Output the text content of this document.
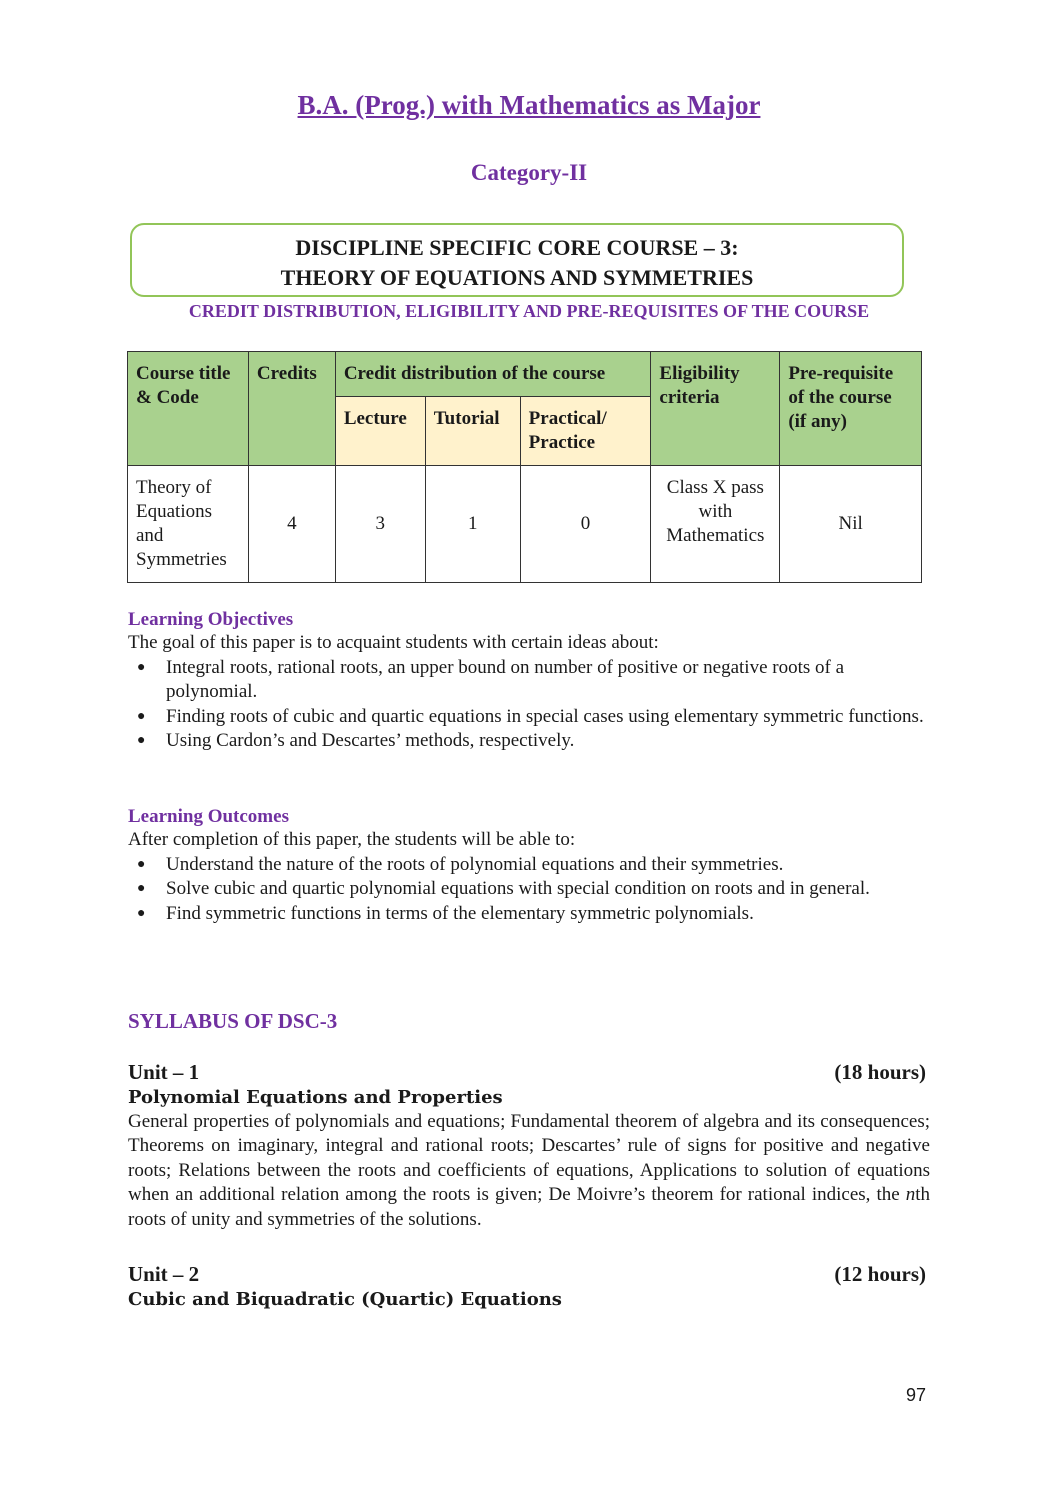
B.A. (Prog.) with Mathematics as Major
Category-II
DISCIPLINE SPECIFIC CORE COURSE – 3:
THEORY OF EQUATIONS AND SYMMETRIES
CREDIT DISTRIBUTION, ELIGIBILITY AND PRE-REQUISITES OF THE COURSE
Course title & Code	Credits	Credit distribution of the course			Eligibility criteria	Pre-requisite of the course (if any)
		Lecture	Tutorial	Practical/ Practice		
Theory of Equations and Symmetries	4	3	1	0	Class X pass with Mathematics	Nil
Learning Objectives
The goal of this paper is to acquaint students with certain ideas about:
● Integral roots, rational roots, an upper bound on number of positive or negative roots of a polynomial.
● Finding roots of cubic and quartic equations in special cases using elementary symmetric functions.
● Using Cardon’s and Descartes’ methods, respectively.
Learning Outcomes
After completion of this paper, the students will be able to:
● Understand the nature of the roots of polynomial equations and their symmetries.
● Solve cubic and quartic polynomial equations with special condition on roots and in general.
● Find symmetric functions in terms of the elementary symmetric polynomials.
SYLLABUS OF DSC-3
Unit – 1	(18 hours)
Polynomial Equations and Properties
General properties of polynomials and equations; Fundamental theorem of algebra and its consequences; Theorems on imaginary, integral and rational roots; Descartes’ rule of signs for positive and negative roots; Relations between the roots and coefficients of equations, Applications to solution of equations when an additional relation among the roots is given; De Moivre’s theorem for rational indices, the nth roots of unity and symmetries of the solutions.
Unit – 2	(12 hours)
Cubic and Biquadratic (Quartic) Equations
97
